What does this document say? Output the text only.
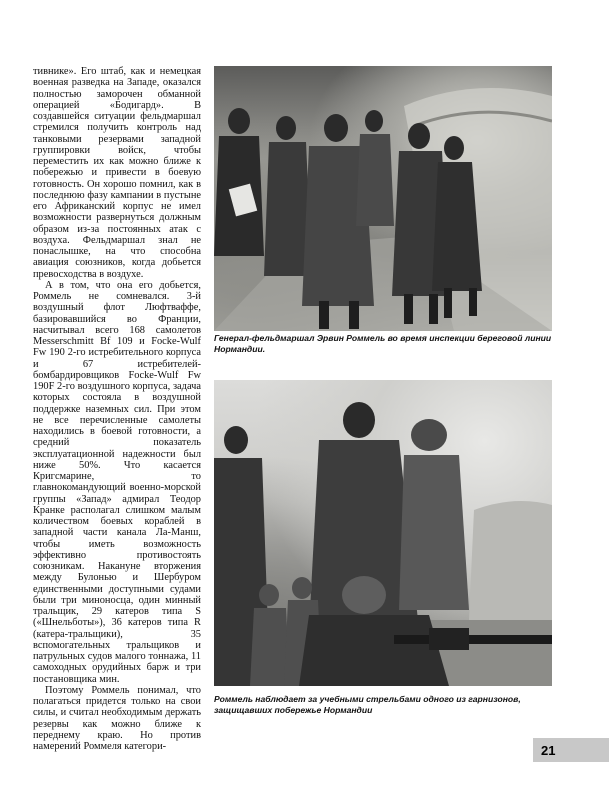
тивнике». Его штаб, как и немецкая военная разведка на Западе, оказался полностью заморочен обманной операцией «Бодигард». В создавшейся ситуации фельдмаршал стремился получить контроль над танковыми резервами западной группировки войск, чтобы переместить их как можно ближе к побережью и привести в боевую готовность. Он хорошо помнил, как в последнюю фазу кампании в пустыне его Африканский корпус не имел возможности развернуться должным образом из-за постоянных атак с воздуха. Фельдмаршал знал не понаслышке, на что способна авиация союзников, когда добьется превосходства в воздухе.

А в том, что она его добьется, Роммель не сомневался. 3-й воздушный флот Люфтваффе, базировавшийся во Франции, насчитывал всего 168 самолетов Messerschmitt Bf 109 и Focke-Wulf Fw 190 2-го истребительного корпуса и 67 истребителей-бомбардировщиков Focke-Wulf Fw 190F 2-го воздушного корпуса, задача которых состояла в воздушной поддержке наземных сил. При этом не все перечисленные самолеты находились в боевой готовности, а средний показатель эксплуатационной надежности был ниже 50%. Что касается Кригсмарине, то главнокомандующий военно-морской группы «Запад» адмирал Теодор Кранке располагал слишком малым количеством боевых кораблей в западной части канала Ла-Манш, чтобы иметь возможность эффективно противостоять союзникам. Накануне вторжения между Булонью и Шербуром единственными доступными судами были три миноносца, один минный тральщик, 29 катеров типа S («Шнельботы»), 36 катеров типа R (катера-тральщики), 35 вспомогательных тральщиков и патрульных судов малого тоннажа, 11 самоходных орудийных барж и три постановщика мин.

Поэтому Роммель понимал, что полагаться придется только на свои силы, и считал необходимым держать резервы как можно ближе к переднему краю. Но против намерений Роммеля категори-

Генерал-фельдмаршал Эрвин Роммель во время инспекции береговой линии Нормандии.
Роммель наблюдает за учебными стрельбами одного из гарнизонов, защищавших побережье Нормандии
21
